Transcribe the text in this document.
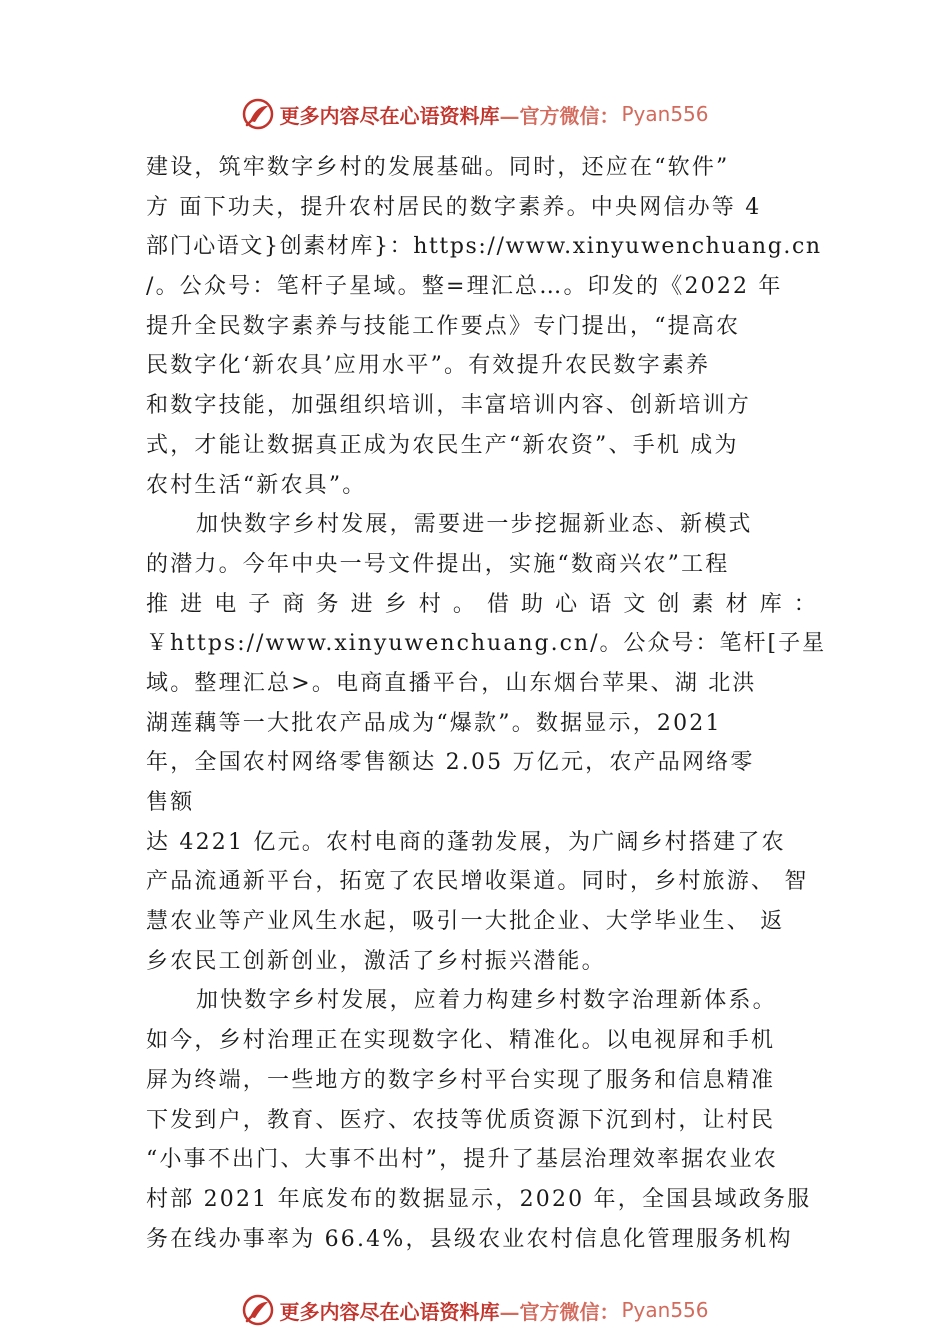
更多内容尽在心语资料库 —官方微信： Pyan556
建设，筑牢数字乡村的发展基础。同时，还应在“软件”
方 面下功夫，提升农村居民的数字素养。中央网信办等 4
部门心语文}创素材库}：https://www.xinyuwenchuang.cn
/。公众号：笔杆子星域。整=理汇总…。印发的《2022 年
提升全民数字素养与技能工作要点》专门提出，“提高农
民数字化‘新农具’应用水平”。有效提升农民数字素养
和数字技能，加强组织培训，丰富培训内容、创新培训方
式，才能让数据真正成为农民生产“新农资”、手机 成为
农村生活“新农具”。
加快数字乡村发展，需要进一步挖掘新业态、新模式
的潜力。今年中央一号文件提出，实施“数商兴农”工程
推 进 电 子 商 务 进 乡 村 。 借 助 心 语 文 创 素 材 库 ：
￥https://www.xinyuwenchuang.cn/。公众号：笔杆[子星
域。整理汇总>。电商直播平台，山东烟台苹果、湖 北洪
湖莲藕等一大批农产品成为“爆款”。数据显示，2021
年，全国农村网络零售额达 2.05 万亿元，农产品网络零
售额
达 4221 亿元。农村电商的蓬勃发展，为广阔乡村搭建了农
产品流通新平台，拓宽了农民增收渠道。同时，乡村旅游、 智
慧农业等产业风生水起，吸引一大批企业、大学毕业生、 返
乡农民工创新创业，激活了乡村振兴潜能。
加快数字乡村发展，应着力构建乡村数字治理新体系。
如今，乡村治理正在实现数字化、精准化。以电视屏和手机
屏为终端，一些地方的数字乡村平台实现了服务和信息精准
下发到户，教育、医疗、农技等优质资源下沉到村，让村民
“小事不出门、大事不出村”，提升了基层治理效率据农业农
村部 2021 年底发布的数据显示，2020 年，全国县域政务服
务在线办事率为 66.4%，县级农业农村信息化管理服务机构
更多内容尽在心语资料库 —官方微信： Pyan556
